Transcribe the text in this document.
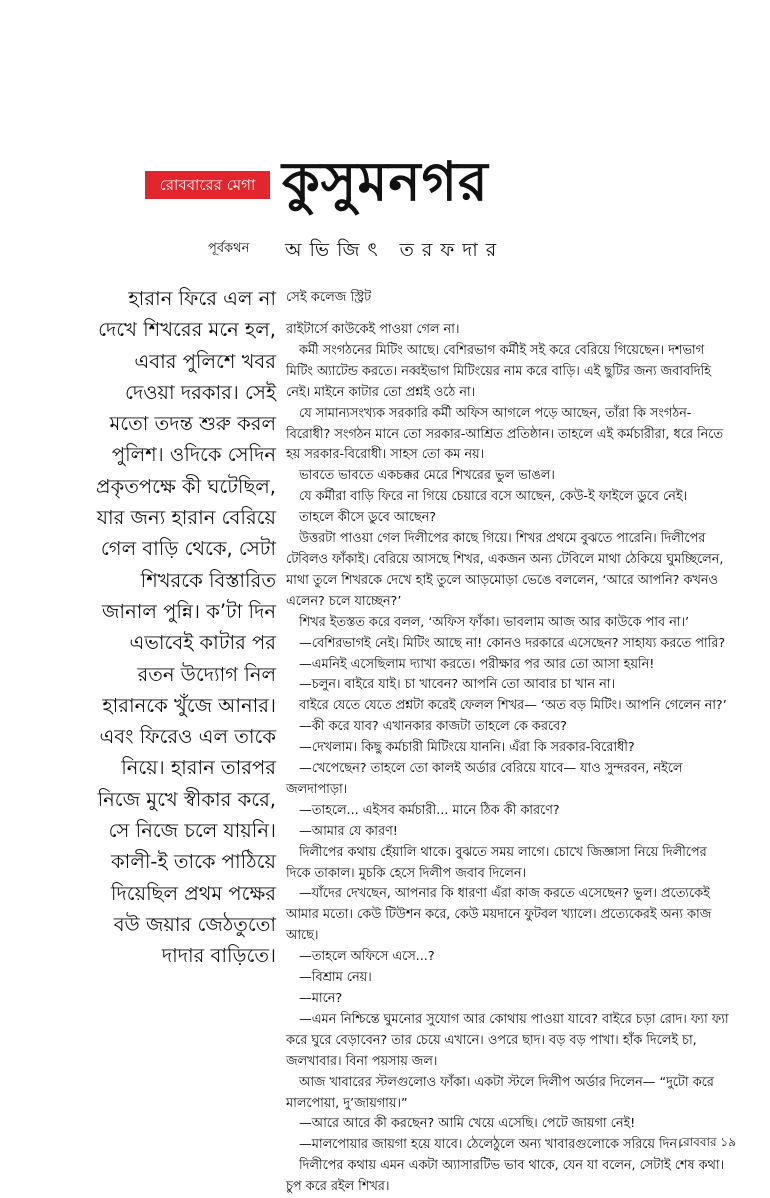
রোববারের মেগা কুসুমনগর
পূর্বকথন অভিজিৎ তরফদার

হারান ফিরে এল না

দেখে শিখরের মনে হল,

এবার পুলিশে খবর

দেওয়া দরকার। সেই

মতো তদন্ত শুরু করল

পুলিশ। ওদিকে সেদিন

প্রকৃতপক্ষে কী ঘটেছিল,

যার জন্য হারান বেরিয়ে

গেল বাড়ি থেকে, সেটা

শিখরকে বিস্তারিত

জানাল পুন্নি। ক’টা দিন

এভাবেই কাটার পর

রতন উদ্যোগ নিল

হারানকে খুঁজে আনার।

এবং ফিরেও এল তাকে

নিয়ে। হারান তারপর

নিজে মুখে স্বীকার করে,

সে নিজে চলে যায়নি।

কালী-ই তাকে পাঠিয়ে

দিয়েছিল প্রথম পক্ষের

বউ জয়ার জেঠতুতো

দাদার বাড়িতে।

সেই কলেজ স্ট্রিট

রাইটার্সে কাউকেই পাওয়া গেল না।

কর্মী সংগঠনের মিটিং আছে। বেশিরভাগ কর্মীই সই করে বেরিয়ে গিয়েছেন। দশভাগ মিটিং অ্যাটেন্ড করতে। নব্বইভাগ মিটিংয়ের নাম করে বাড়ি। এই ছুটির জন্য জবাবদিহি নেই। মাইনে কাটার তো প্রশ্নই ওঠে না।

যে সামান্যসংখ্যক সরকারি কর্মী অফিস আগলে পড়ে আছেন, তাঁরা কি সংগঠন-বিরোধী? সংগঠন মানে তো সরকার-আশ্রিত প্রতিষ্ঠান। তাহলে এই কর্মচারীরা, ধরে নিতে হয় সরকার-বিরোধী। সাহস তো কম নয়।

ভাবতে ভাবতে একচক্কর মেরে শিখরের ভুল ভাঙল।

যে কর্মীরা বাড়ি ফিরে না গিয়ে চেয়ারে বসে আছেন, কেউ-ই ফাইলে ডুবে নেই।

তাহলে কীসে ডুবে আছেন?

উত্তরটা পাওয়া গেল দিলীপের কাছে গিয়ে। শিখর প্রথমে বুঝতে পারেনি। দিলীপের টেবিলও ফাঁকাই। বেরিয়ে আসছে শিখর, একজন অন্য টেবিলে মাথা ঠেকিয়ে ঘুমচ্ছিলেন, মাথা তুলে শিখরকে দেখে হাই তুলে আড়মোড়া ভেঙে বললেন, ‘আরে আপনি? কখনও এলেন? চলে যাচ্ছেন?’

শিখর ইতস্তত করে বলল, ‘অফিস ফাঁকা। ভাবলাম আজ আর কাউকে পাব না।’

—বেশিরভাগই নেই। মিটিং আছে না! কোনও দরকারে এসেছেন? সাহায্য করতে পারি?

—এমনিই এসেছিলাম দ্যাখা করতে। পরীক্ষার পর আর তো আসা হয়নি!

—চলুন। বাইরে যাই। চা খাবেন? আপনি তো আবার চা খান না।

বাইরে যেতে যেতে প্রশ্নটা করেই ফেলল শিখর— ‘অত বড় মিটিং। আপনি গেলেন না?’

—কী করে যাব? এখানকার কাজটা তাহলে কে করবে?

—দেখলাম। কিছু কর্মচারী মিটিংয়ে যাননি। এঁরা কি সরকার-বিরোধী?

—খেপেছেন? তাহলে তো কালই অর্ডার বেরিয়ে যাবে— যাও সুন্দরবন, নইলে জলদাপাড়া।

—তাহলে... এইসব কর্মচারী... মানে ঠিক কী কারণে?

—আমার যে কারণ!

দিলীপের কথায় হেঁয়ালি থাকে। বুঝতে সময় লাগে। চোখে জিজ্ঞাসা নিয়ে দিলীপের দিকে তাকাল। মুচকি হেসে দিলীপ জবাব দিলেন।

—যাঁদের দেখছেন, আপনার কি ধারণা এঁরা কাজ করতে এসেছেন? ভুল। প্রত্যেকেই আমার মতো। কেউ টিউশন করে, কেউ ময়দানে ফুটবল খ্যালে। প্রত্যেকেরই অন্য কাজ আছে।

—তাহলে অফিসে এসে...?

—বিশ্রাম নেয়।

—মানে?

—এমন নিশ্চিন্তে ঘুমনোর সুযোগ আর কোথায় পাওয়া যাবে? বাইরে চড়া রোদ। ফ্যা ফ্যা করে ঘুরে বেড়াবেন? তার চেয়ে এখানে। ওপরে ছাদ। বড় বড় পাখা। হাঁক দিলেই চা, জলখাবার। বিনা পয়সায় জল।

আজ খাবারের স্টলগুলোও ফাঁকা। একটা স্টলে দিলীপ অর্ডার দিলেন— “দুটো করে মালপোয়া, দু’জায়গায়।”

—আরে আরে কী করছেন? আমি খেয়ে এসেছি। পেটে জায়গা নেই!

—মালপোয়ার জায়গা হয়ে যাবে। ঠেলেঠুলে অন্য খাবারগুলোকে সরিয়ে দিন।

দিলীপের কথায় এমন একটা অ্যাসারটিভ ভাব থাকে, যেন যা বলেন, সেটাই শেষ কথা। চুপ করে রইল শিখর।

রোববার ১৯
